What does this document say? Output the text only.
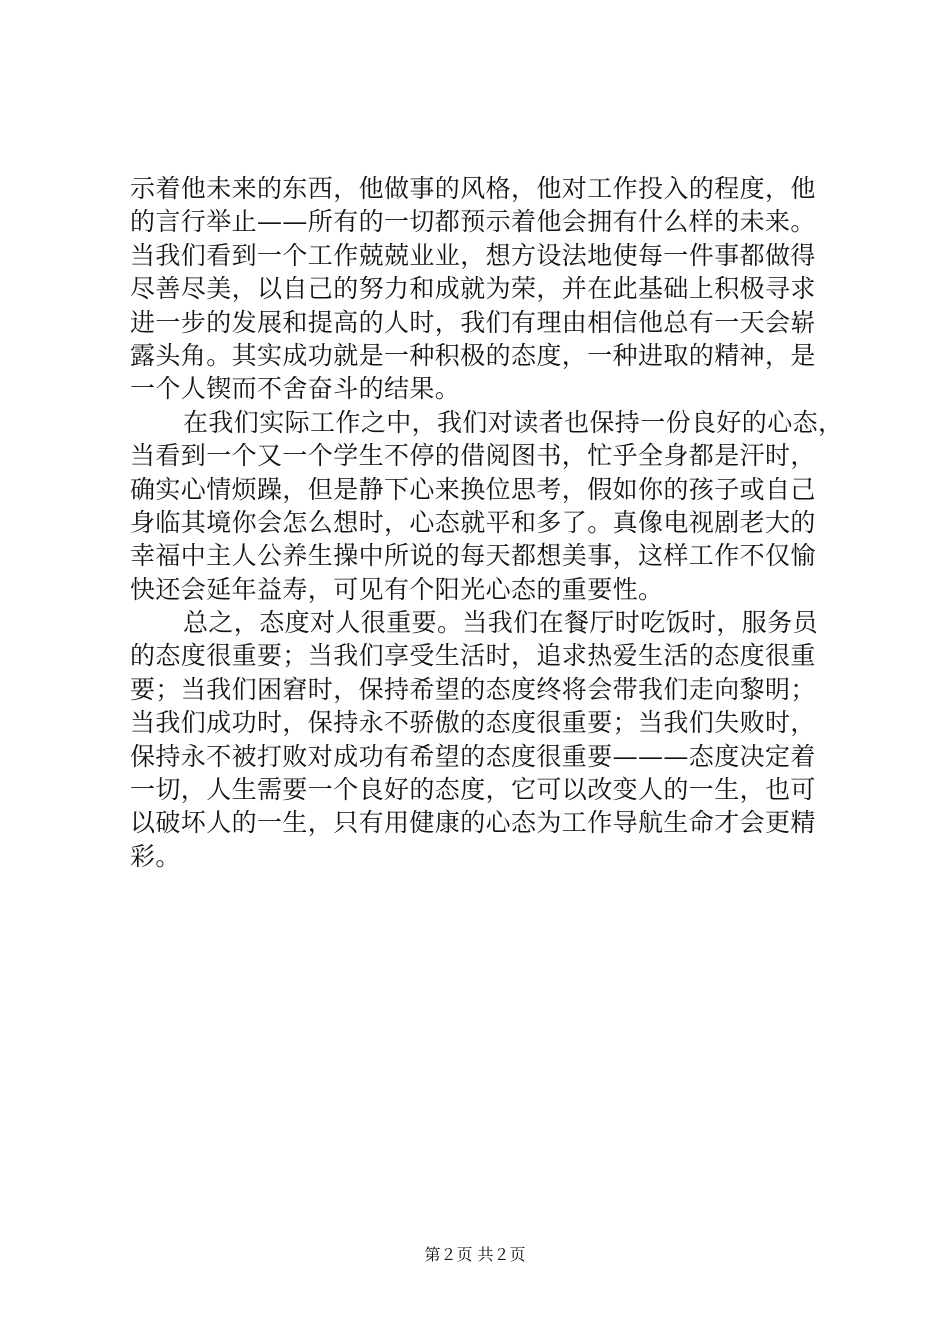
示着他未来的东西，他做事的风格，他对工作投入的程度，他
的言行举止——所有的一切都预示着他会拥有什么样的未来。
当我们看到一个工作兢兢业业，想方设法地使每一件事都做得
尽善尽美，以自己的努力和成就为荣，并在此基础上积极寻求
进一步的发展和提高的人时，我们有理由相信他总有一天会崭
露头角。其实成功就是一种积极的态度，一种进取的精神，是
一个人锲而不舍奋斗的结果。
在我们实际工作之中，我们对读者也保持一份良好的心态，
当看到一个又一个学生不停的借阅图书，忙乎全身都是汗时，
确实心情烦躁，但是静下心来换位思考，假如你的孩子或自己
身临其境你会怎么想时，心态就平和多了。真像电视剧老大的
幸福中主人公养生操中所说的每天都想美事，这样工作不仅愉
快还会延年益寿，可见有个阳光心态的重要性。
总之，态度对人很重要。当我们在餐厅时吃饭时，服务员
的态度很重要；当我们享受生活时，追求热爱生活的态度很重
要；当我们困窘时，保持希望的态度终将会带我们走向黎明；
当我们成功时，保持永不骄傲的态度很重要；当我们失败时，
保持永不被打败对成功有希望的态度很重要———态度决定着
一切，人生需要一个良好的态度，它可以改变人的一生，也可
以破坏人的一生，只有用健康的心态为工作导航生命才会更精
彩。
第２页 共２页
